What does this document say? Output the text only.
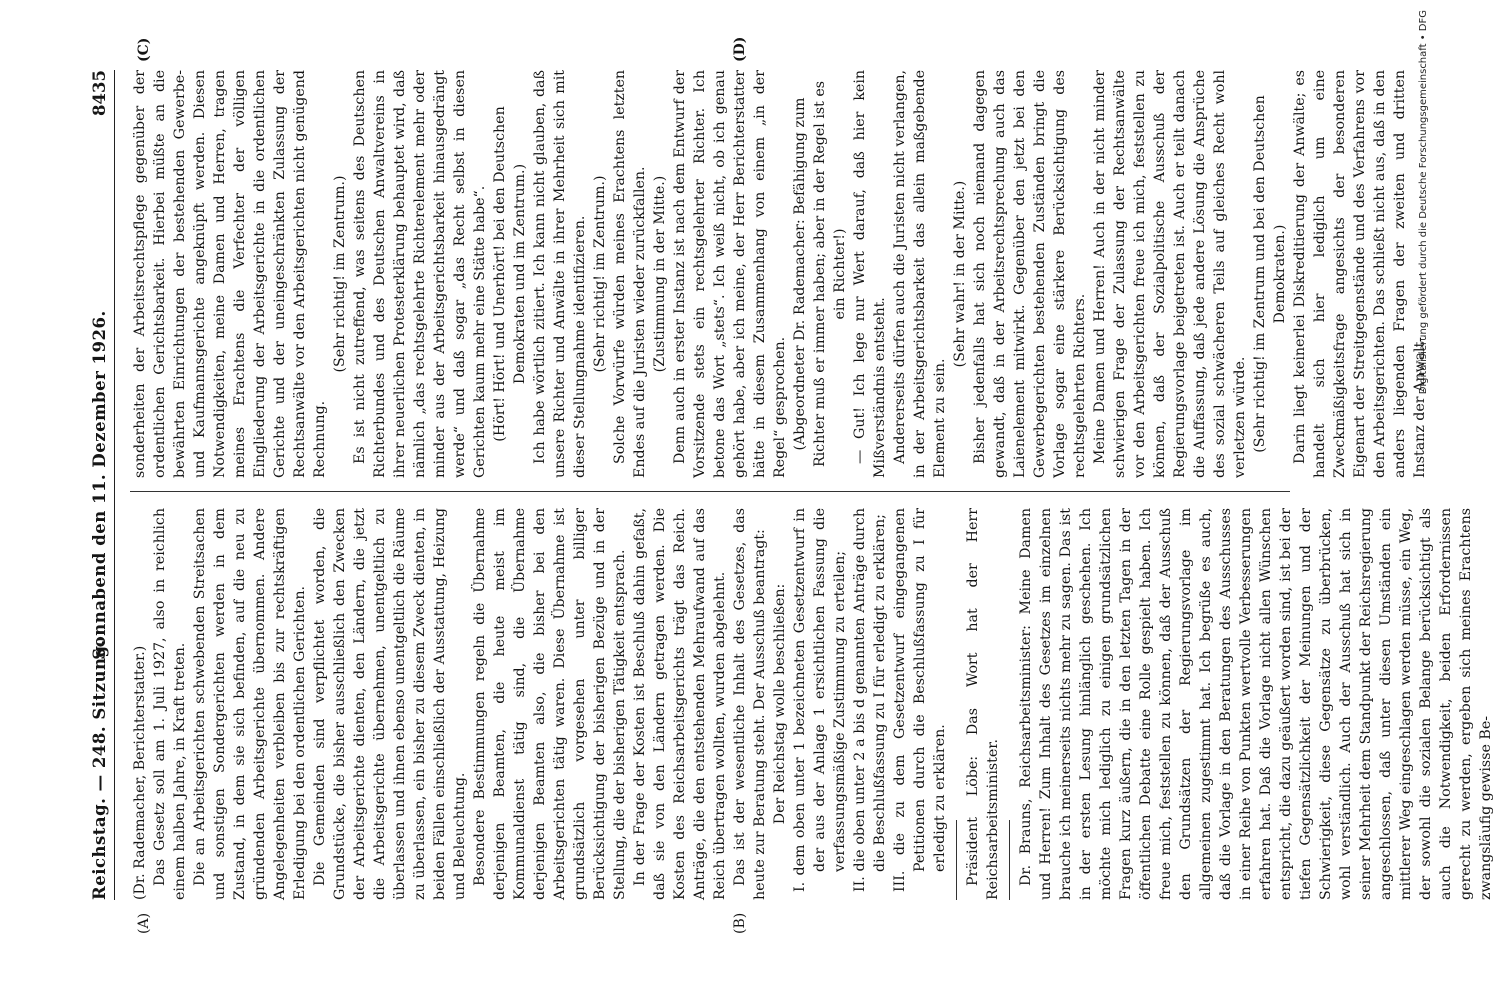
Reichstag. — 248. Sitzung.
Sonnabend den 11. Dezember 1926.
8435
(A)	(B)
(C)	(D)

(Dr. Rademacher, Berichterstatter.) Das Gesetz soll am 1. Juli 1927, also in reichlich einem halben Jahre, in Kraft treten. Die an Arbeitsgerichten schwebenden Streitsachen und sonstigen Sondergerichten werden in dem Zustand, in dem sie sich befinden, auf die neu zu gründenden Arbeitsgerichte übernommen. Andere Angelegenheiten verbleiben bis zur rechtskräftigen Erledigung bei den ordentlichen Gerichten. Die Gemeinden sind verpflichtet worden, die Grundstücke, die bisher ausschließlich den Zwecken der Arbeitsgerichte dienten, den Ländern, die jetzt die Arbeitsgerichte übernehmen, unentgeltlich zu überlassen und ihnen ebenso unentgeltlich die Räume zu überlassen, ein bisher zu diesem Zweck dienten, in beiden Fällen einschließlich der Ausstattung, Heizung und Beleuchtung. Besondere Bestimmungen regeln die Übernahme derjenigen Beamten, die heute meist im Kommunaldienst tätig sind, die Übernahme derjenigen Beamten also, die bisher bei den Arbeitsgerichten tätig waren. Diese Übernahme ist grundsätzlich vorgesehen unter billiger Berücksichtigung der bisherigen Bezüge und in der Stellung, die der bisherigen Tätigkeit entsprach. In der Frage der Kosten ist Beschluß dahin gefaßt, daß sie von den Ländern getragen werden. Die Kosten des Reichsarbeitsgerichts trägt das Reich. Anträge, die den entstehenden Mehraufwand auf das Reich übertragen wollten, wurden abgelehnt. Das ist der wesentliche Inhalt des Gesetzes, das heute zur Beratung steht. Der Ausschuß beantragt: Der Reichstag wolle beschließen: I. dem oben unter 1 bezeichneten Gesetzentwurf in der aus der Anlage 1 ersichtlichen Fassung die verfassungsmäßige Zustimmung zu erteilen; II. die oben unter 2 a bis d genannten Anträge durch die Beschlußfassung zu I für erledigt zu erklären; III. die zu dem Gesetzentwurf eingegangenen Petitionen durch die Beschlußfassung zu I für erledigt zu erklären. Präsident Löbe: Das Wort hat der Herr Reichsarbeitsminister. Dr. Brauns, Reichsarbeitsminister: Meine Damen und Herren! Zum Inhalt des Gesetzes im einzelnen brauche ich meinerseits nichts mehr zu sagen. Das ist in der ersten Lesung hinlänglich geschehen. Ich möchte mich lediglich zu einigen grundsätzlichen Fragen kurz äußern, die in den letzten Tagen in der öffentlichen Debatte eine Rolle gespielt haben. Ich freue mich, feststellen zu können, daß der Ausschuß den Grundsätzen der Regierungsvorlage im allgemeinen zugestimmt hat. Ich begrüße es auch, daß die Vorlage in den Beratungen des Ausschusses in einer Reihe von Punkten wertvolle Verbesserungen erfahren hat. Daß die Vorlage nicht allen Wünschen entspricht, die dazu geäußert worden sind, ist bei der tiefen Gegensätzlichkeit der Meinungen und der Schwierigkeit, diese Gegensätze zu überbrücken, wohl verständlich. Auch der Ausschuß hat sich in seiner Mehrheit dem Standpunkt der Reichsregierung angeschlossen, daß unter diesen Umständen ein mittlerer Weg eingeschlagen werden müsse, ein Weg, der sowohl die sozialen Belange berücksichtigt als auch die Notwendigkeit, beiden Erfordernissen gerecht zu werden, ergeben sich meines Erachtens zwangsläufig gewisse Be-

sonderheiten der Arbeitsrechtspflege gegenüber der ordentlichen Gerichtsbarkeit. Hierbei müßte an die bewährten Einrichtungen der bestehenden Gewerbe- und Kaufmannsgerichte angeknüpft werden. Diesen Notwendigkeiten, meine Damen und Herren, tragen meines Erachtens die Verfechter der völligen Eingliederung der Arbeitsgerichte in die ordentlichen Gerichte und der uneingeschränkten Zulassung der Rechtsanwälte vor den Arbeitsgerichten nicht genügend Rechnung.

(Sehr richtig! im Zentrum.) Es ist nicht zutreffend, was seitens des Deutschen Richterbundes und des Deutschen Anwaltvereins in ihrer neuerlichen Protesterklärung behauptet wird, daß nämlich „das rechtsgelehrte Richterelement mehr oder minder aus der Arbeitsgerichtsbarkeit hinausgedrängt werde“ und daß sogar „das Recht selbst in diesen Gerichten kaum mehr eine Stätte habe“. (Hört! Hört! und Unerhört! bei den Deutschen Demokraten und im Zentrum.) Ich habe wörtlich zitiert. Ich kann nicht glauben, daß unsere Richter und Anwälte in ihrer Mehrheit sich mit dieser Stellungnahme identifizieren. (Sehr richtig! im Zentrum.) Solche Vorwürfe würden meines Erachtens letzten Endes auf die Juristen wieder zurückfallen. (Zustimmung in der Mitte.) Denn auch in erster Instanz ist nach dem Entwurf der Vorsitzende stets ein rechtsgelehrter Richter. Ich betone das Wort „stets“. Ich weiß nicht, ob ich genau gehört habe, aber ich meine, der Herr Berichterstatter hätte in diesem Zusammenhang von einem „in der Regel“ gesprochen. (Abgeordneter Dr. Rademacher: Befähigung zum Richter muß er immer haben; aber in der Regel ist es ein Richter!) — Gut! Ich lege nur Wert darauf, daß hier kein Mißverständnis entsteht. Andererseits dürfen auch die Juristen nicht verlangen, in der Arbeitsgerichtsbarkeit das allein maßgebende Element zu sein.

(Sehr wahr! in der Mitte.) Bisher jedenfalls hat sich noch niemand dagegen gewandt, daß in der Arbeitsrechtsprechung auch das Laienelement mitwirkt. Gegenüber den jetzt bei den Gewerbegerichten bestehenden Zuständen bringt die Vorlage sogar eine stärkere Berücksichtigung des rechtsgelehrten Richters. Meine Damen und Herren! Auch in der nicht minder schwierigen Frage der Zulassung der Rechtsanwälte vor den Arbeitsgerichten freue ich mich, feststellen zu können, daß der Sozialpolitische Ausschuß der Regierungsvorlage beigetreten ist. Auch er teilt danach die Auffassung, daß jede andere Lösung die Ansprüche des sozial schwächeren Teils auf gleiches Recht wohl verletzen würde. (Sehr richtig! im Zentrum und bei den Deutschen Demokraten.) Darin liegt keinerlei Diskreditierung der Anwälte; es handelt sich hier lediglich um eine Zweckmäßigkeitsfrage angesichts der besonderen Eigenart der Streitgegenstände und des Verfahrens vor den Arbeitsgerichten. Das schließt nicht aus, daß in den anders liegenden Fragen der zweiten und dritten Instanz der Anwalt-

Digitalisierung gefördert durch die Deutsche Forschungsgemeinschaft • DFG
